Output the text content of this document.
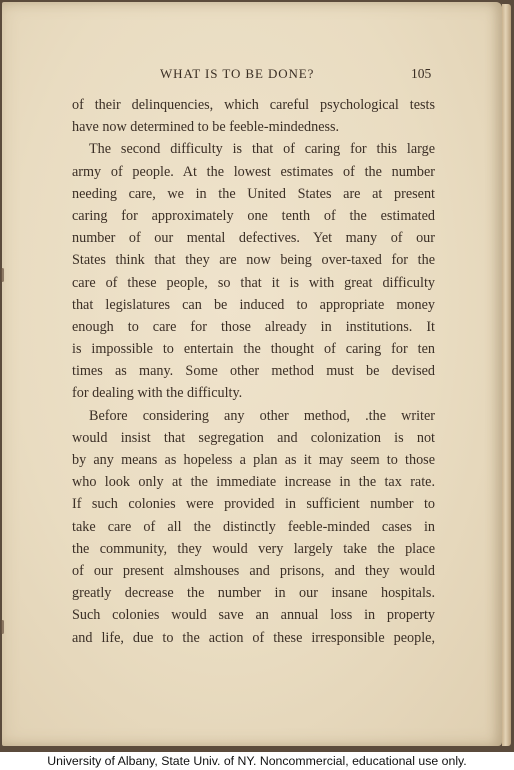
WHAT IS TO BE DONE?	105
of their delinquencies, which careful psychological tests
have now determined to be feeble-mindedness.
The second difficulty is that of caring for this large
army of people. At the lowest estimates of the number
needing care, we in the United States are at present
caring for approximately one tenth of the estimated
number of our mental defectives. Yet many of our
States think that they are now being over-taxed for the
care of these people, so that it is with great difficulty
that legislatures can be induced to appropriate money
enough to care for those already in institutions. It
is impossible to entertain the thought of caring for ten
times as many. Some other method must be devised
for dealing with the difficulty.
Before considering any other method, .the writer
would insist that segregation and colonization is not
by any means as hopeless a plan as it may seem to those
who look only at the immediate increase in the tax rate.
If such colonies were provided in sufficient number to
take care of all the distinctly feeble-minded cases in
the community, they would very largely take the place
of our present almshouses and prisons, and they would
greatly decrease the number in our insane hospitals.
Such colonies would save an annual loss in property
and life, due to the action of these irresponsible people,
University of Albany, State Univ. of NY. Noncommercial, educational use only.
